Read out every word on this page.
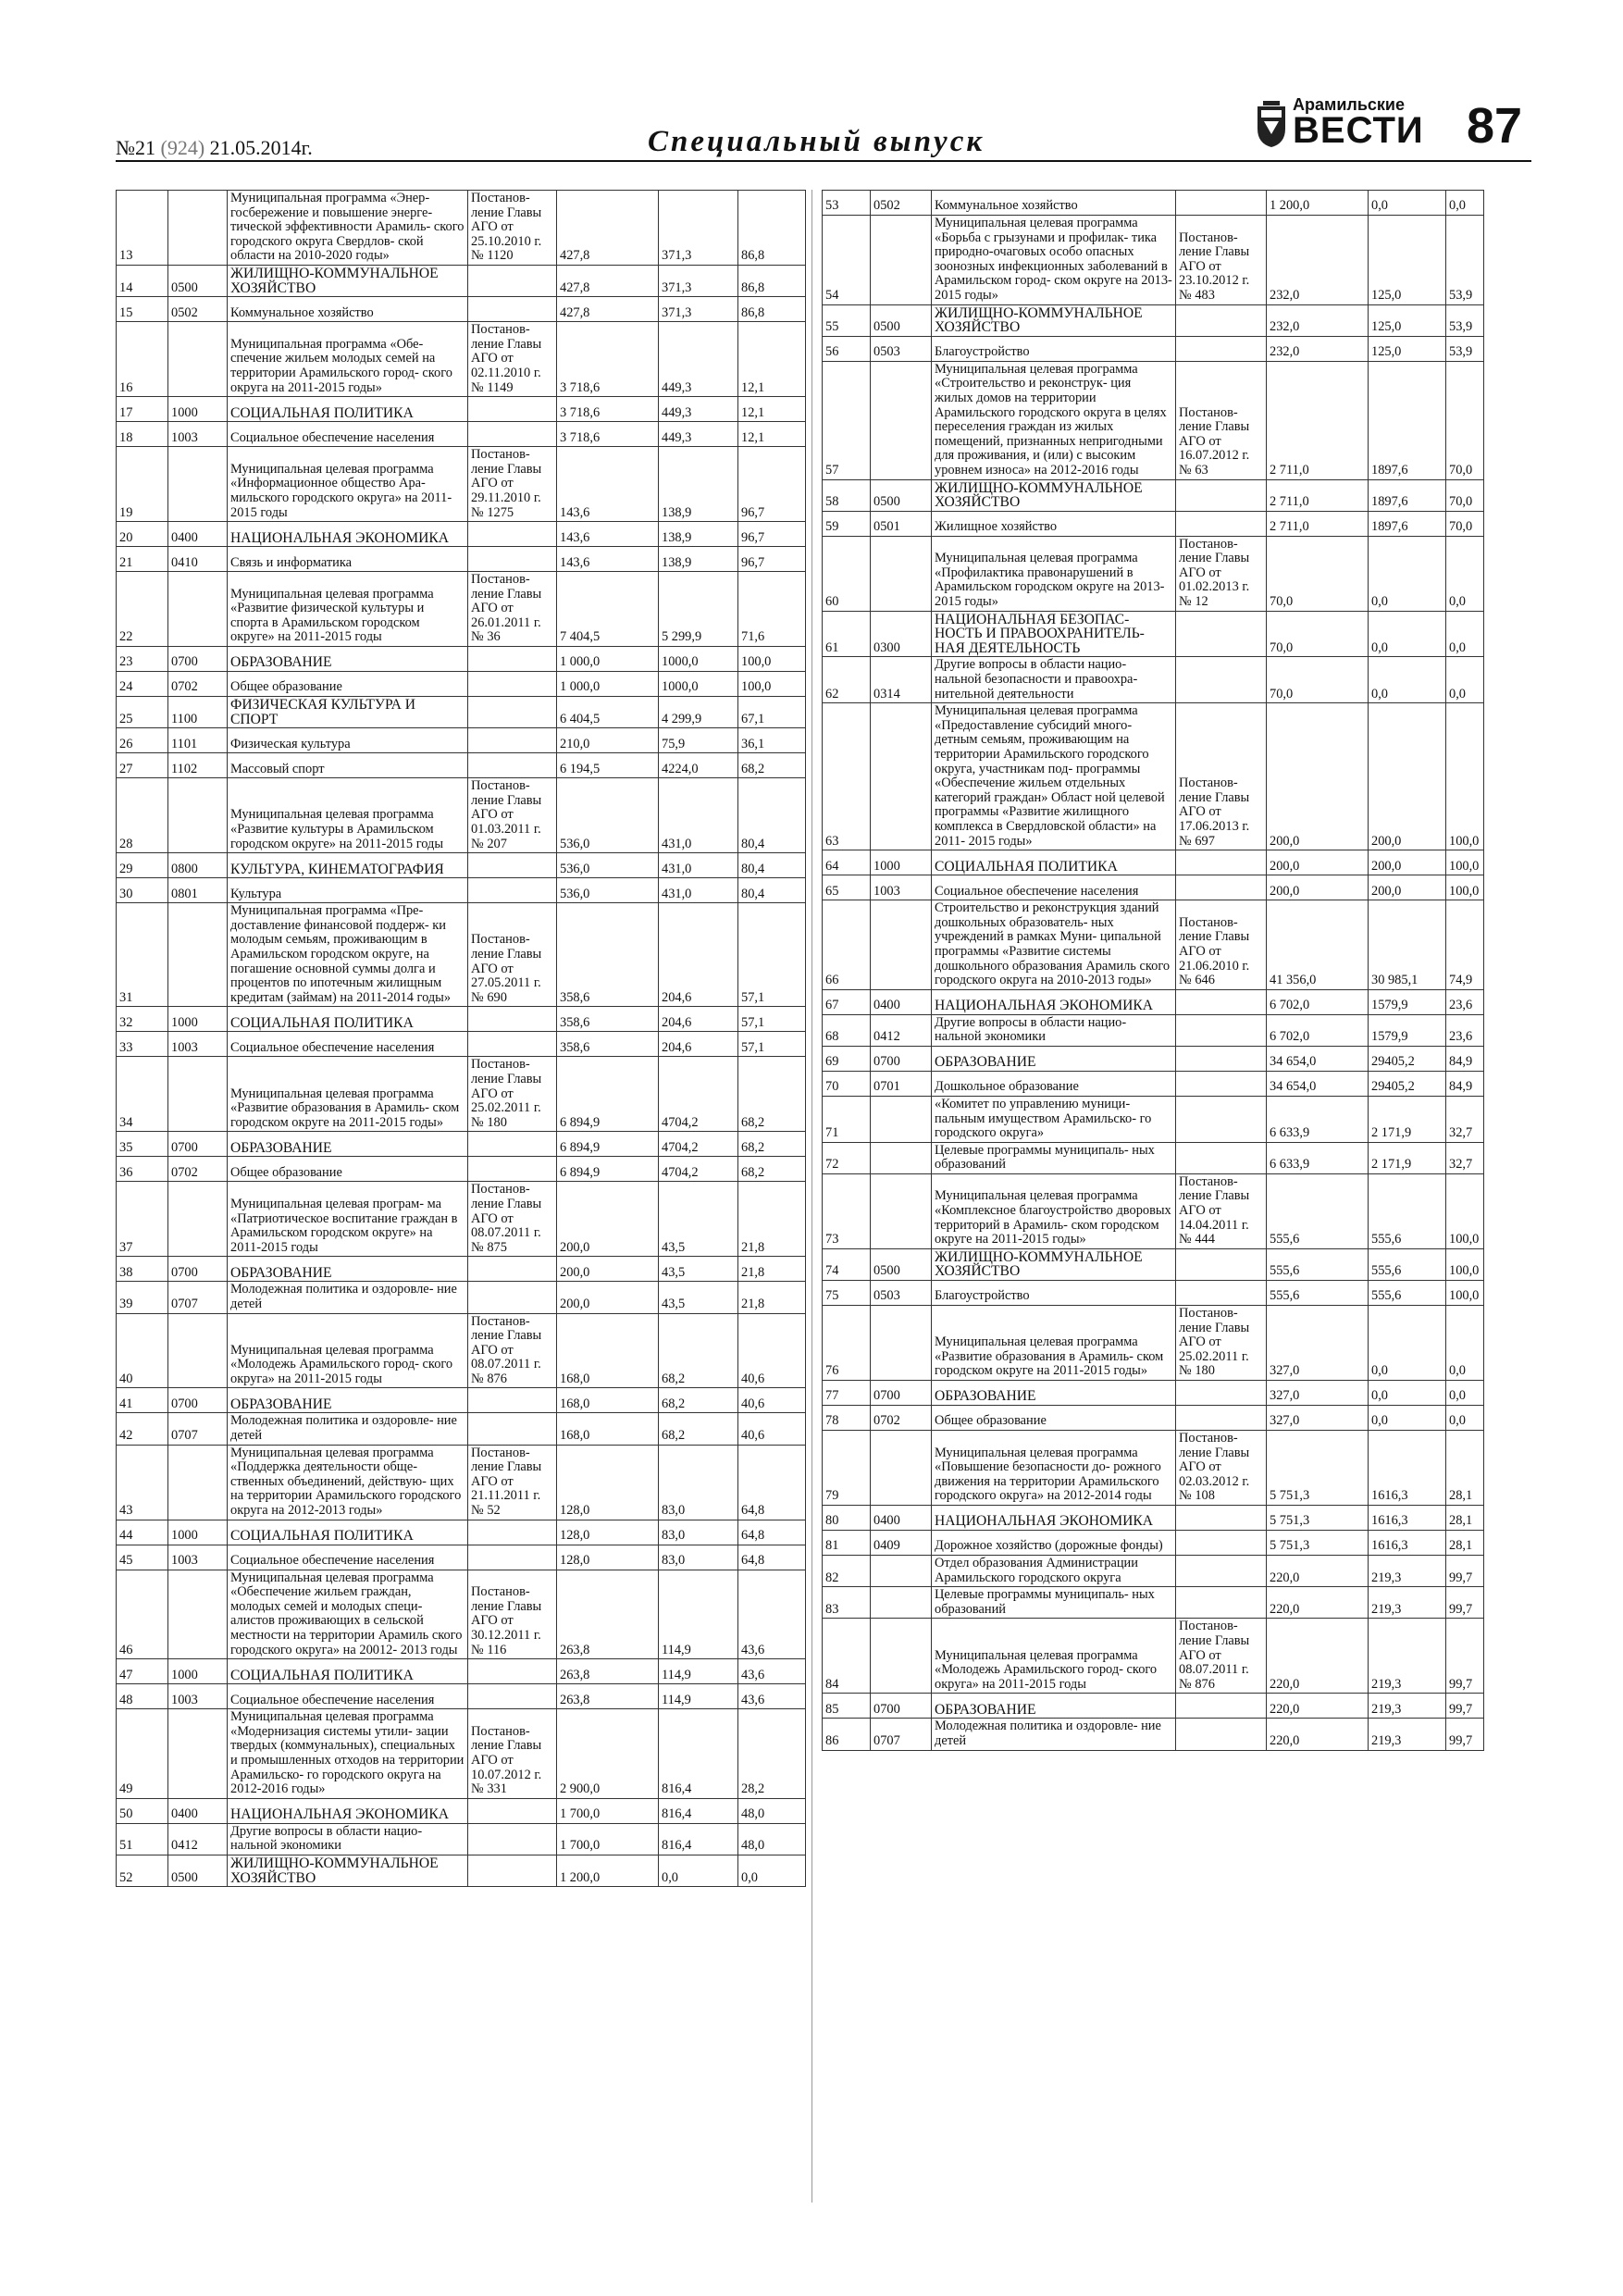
№21 (924) 21.05.2014г.	Специальный выпуск
Арамильские
ВЕСТИ 87
13		Муниципальная программа «Энер- госбережение и повышение энерге- тической эффективности Арамиль- ского городского округа Свердлов- ской области на 2010-2020 годы»	Постанов- ление Главы АГО от 25.10.2010 г. № 1120	427,8	371,3	86,8
14	0500	ЖИЛИЩНО-КОММУНАЛЬНОЕ ХОЗЯЙСТВО		427,8	371,3	86,8
15	0502	Коммунальное хозяйство		427,8	371,3	86,8
16		Муниципальная программа «Обе- спечение жильем молодых семей на территории Арамильского город- ского округа на 2011-2015 годы»	Постанов- ление Главы АГО от 02.11.2010 г. № 1149	3 718,6	449,3	12,1
17	1000	СОЦИАЛЬНАЯ ПОЛИТИКА		3 718,6	449,3	12,1
18	1003	Социальное обеспечение населения		3 718,6	449,3	12,1
19		Муниципальная целевая программа «Информационное общество Ара- мильского городского округа» на 2011-2015 годы	Постанов- ление Главы АГО от 29.11.2010 г. № 1275	143,6	138,9	96,7
20	0400	НАЦИОНАЛЬНАЯ ЭКОНОМИКА		143,6	138,9	96,7
21	0410	Связь и информатика		143,6	138,9	96,7
22		Муниципальная целевая программа «Развитие физической культуры и спорта в Арамильском городском округе» на 2011-2015 годы	Постанов- ление Главы АГО от 26.01.2011 г. № 36	7 404,5	5 299,9	71,6
23	0700	ОБРАЗОВАНИЕ		1 000,0	1000,0	100,0
24	0702	Общее образование		1 000,0	1000,0	100,0
25	1100	ФИЗИЧЕСКАЯ КУЛЬТУРА И СПОРТ		6 404,5	4 299,9	67,1
26	1101	Физическая культура		210,0	75,9	36,1
27	1102	Массовый спорт		6 194,5	4224,0	68,2
28		Муниципальная целевая программа «Развитие культуры в Арамильском городском округе» на 2011-2015 годы	Постанов- ление Главы АГО от 01.03.2011 г. № 207	536,0	431,0	80,4
29	0800	КУЛЬТУРА, КИНЕМАТОГРАФИЯ		536,0	431,0	80,4
30	0801	Культура		536,0	431,0	80,4
31		Муниципальная программа «Пре- доставление финансовой поддерж- ки молодым семьям, проживающим в Арамильском городском округе, на погашение основной суммы долга и процентов по ипотечным жилищным кредитам (займам) на 2011-2014 годы»	Постанов- ление Главы АГО от 27.05.2011 г. № 690	358,6	204,6	57,1
32	1000	СОЦИАЛЬНАЯ ПОЛИТИКА		358,6	204,6	57,1
33	1003	Социальное обеспечение населения		358,6	204,6	57,1
34		Муниципальная целевая программа «Развитие образования в Арамиль- ском городском округе на 2011-2015 годы»	Постанов- ление Главы АГО от 25.02.2011 г. № 180	6 894,9	4704,2	68,2
35	0700	ОБРАЗОВАНИЕ		6 894,9	4704,2	68,2
36	0702	Общее образование		6 894,9	4704,2	68,2
37		Муниципальная целевая програм- ма «Патриотическое воспитание граждан в Арамильском городском округе» на 2011-2015 годы	Постанов- ление Главы АГО от 08.07.2011 г. № 875	200,0	43,5	21,8
38	0700	ОБРАЗОВАНИЕ		200,0	43,5	21,8
39	0707	Молодежная политика и оздоровле- ние детей		200,0	43,5	21,8
40		Муниципальная целевая программа «Молодежь Арамильского город- ского округа» на 2011-2015 годы	Постанов- ление Главы АГО от 08.07.2011 г. № 876	168,0	68,2	40,6
41	0700	ОБРАЗОВАНИЕ		168,0	68,2	40,6
42	0707	Молодежная политика и оздоровле- ние детей		168,0	68,2	40,6
43		Муниципальная целевая программа «Поддержка деятельности обще- ственных объединений, действую- щих на территории Арамильского городского округа на 2012-2013 годы»	Постанов- ление Главы АГО от 21.11.2011 г. № 52	128,0	83,0	64,8
44	1000	СОЦИАЛЬНАЯ ПОЛИТИКА		128,0	83,0	64,8
45	1003	Социальное обеспечение населения		128,0	83,0	64,8
46		Муниципальная целевая программа «Обеспечение жильем граждан, молодых семей и молодых специ- алистов проживающих в сельской местности на территории Арамиль ского городского округа» на 20012- 2013 годы	Постанов- ление Главы АГО от 30.12.2011 г. № 116	263,8	114,9	43,6
47	1000	СОЦИАЛЬНАЯ ПОЛИТИКА		263,8	114,9	43,6
48	1003	Социальное обеспечение населения		263,8	114,9	43,6
49		Муниципальная целевая программа «Модернизация системы утили- зации твердых (коммунальных), специальных и промышленных отходов на территории Арамильско- го городского округа на 2012-2016 годы»	Постанов- ление Главы АГО от 10.07.2012 г. № 331	2 900,0	816,4	28,2
50	0400	НАЦИОНАЛЬНАЯ ЭКОНОМИКА		1 700,0	816,4	48,0
51	0412	Другие вопросы в области нацио- нальной экономики		1 700,0	816,4	48,0
52	0500	ЖИЛИЩНО-КОММУНАЛЬНОЕ ХОЗЯЙСТВО		1 200,0	0,0	0,0
53	0502	Коммунальное хозяйство		1 200,0	0,0	0,0
54		Муниципальная целевая программа «Борьба с грызунами и профилак- тика природно-очаговых особо опасных зоонозных инфекционных заболеваний в Арамильском город- ском округе на 2013-2015 годы»	Постанов- ление Главы АГО от 23.10.2012 г. № 483	232,0	125,0	53,9
55	0500	ЖИЛИЩНО-КОММУНАЛЬНОЕ ХОЗЯЙСТВО		232,0	125,0	53,9
56	0503	Благоустройство		232,0	125,0	53,9
57		Муниципальная целевая программа «Строительство и реконструк- ция жилых домов на территории Арамильского городского округа в целях переселения граждан из жилых помещений, признанных непригодными для проживания, и (или) с высоким уровнем износа» на 2012-2016 годы	Постанов- ление Главы АГО от 16.07.2012 г. № 63	2 711,0	1897,6	70,0
58	0500	ЖИЛИЩНО-КОММУНАЛЬНОЕ ХОЗЯЙСТВО		2 711,0	1897,6	70,0
59	0501	Жилищное хозяйство		2 711,0	1897,6	70,0
60		Муниципальная целевая программа «Профилактика правонарушений в Арамильском городском округе на 2013-2015 годы»	Постанов- ление Главы АГО от 01.02.2013 г. № 12	70,0	0,0	0,0
61	0300	НАЦИОНАЛЬНАЯ БЕЗОПАС- НОСТЬ И ПРАВООХРАНИТЕЛЬ- НАЯ ДЕЯТЕЛЬНОСТЬ		70,0	0,0	0,0
62	0314	Другие вопросы в области нацио- нальной безопасности и правоохра- нительной деятельности		70,0	0,0	0,0
63		Муниципальная целевая программа «Предоставление субсидий много- детным семьям, проживающим на территории Арамильского городского округа, участникам под- программы «Обеспечение жильем отдельных категорий граждан» Област ной целевой программы «Развитие жилищного комплекса в Свердловской области» на 2011- 2015 годы»	Постанов- ление Главы АГО от 17.06.2013 г. № 697	200,0	200,0	100,0
64	1000	СОЦИАЛЬНАЯ ПОЛИТИКА		200,0	200,0	100,0
65	1003	Социальное обеспечение населения		200,0	200,0	100,0
66		Строительство и реконструкция зданий дошкольных образователь- ных учреждений в рамках Муни- ципальной программы «Развитие системы дошкольного образования Арамиль ского городского округа на 2010-2013 годы»	Постанов- ление Главы АГО от 21.06.2010 г. № 646	41 356,0	30 985,1	74,9
67	0400	НАЦИОНАЛЬНАЯ ЭКОНОМИКА		6 702,0	1579,9	23,6
68	0412	Другие вопросы в области нацио- нальной экономики		6 702,0	1579,9	23,6
69	0700	ОБРАЗОВАНИЕ		34 654,0	29405,2	84,9
70	0701	Дошкольное образование		34 654,0	29405,2	84,9
71		«Комитет по управлению муници- пальным имуществом Арамильско- го городского округа»		6 633,9	2 171,9	32,7
72		Целевые программы муниципаль- ных образований		6 633,9	2 171,9	32,7
73		Муниципальная целевая программа «Комплексное благоустройство дворовых территорий в Арамиль- ском городском округе на 2011-2015 годы»	Постанов- ление Главы АГО от 14.04.2011 г. № 444	555,6	555,6	100,0
74	0500	ЖИЛИЩНО-КОММУНАЛЬНОЕ ХОЗЯЙСТВО		555,6	555,6	100,0
75	0503	Благоустройство		555,6	555,6	100,0
76		Муниципальная целевая программа «Развитие образования в Арамиль- ском городском округе на 2011-2015 годы»	Постанов- ление Главы АГО от 25.02.2011 г. № 180	327,0	0,0	0,0
77	0700	ОБРАЗОВАНИЕ		327,0	0,0	0,0
78	0702	Общее образование		327,0	0,0	0,0
79		Муниципальная целевая программа «Повышение безопасности до- рожного движения на территории Арамильского городского округа» на 2012-2014 годы	Постанов- ление Главы АГО от 02.03.2012 г. № 108	5 751,3	1616,3	28,1
80	0400	НАЦИОНАЛЬНАЯ ЭКОНОМИКА		5 751,3	1616,3	28,1
81	0409	Дорожное хозяйство (дорожные фонды)		5 751,3	1616,3	28,1
82		Отдел образования Администрации Арамильского городского округа		220,0	219,3	99,7
83		Целевые программы муниципаль- ных образований		220,0	219,3	99,7
84		Муниципальная целевая программа «Молодежь Арамильского город- ского округа» на 2011-2015 годы	Постанов- ление Главы АГО от 08.07.2011 г. № 876	220,0	219,3	99,7
85	0700	ОБРАЗОВАНИЕ		220,0	219,3	99,7
86	0707	Молодежная политика и оздоровле- ние детей		220,0	219,3	99,7
